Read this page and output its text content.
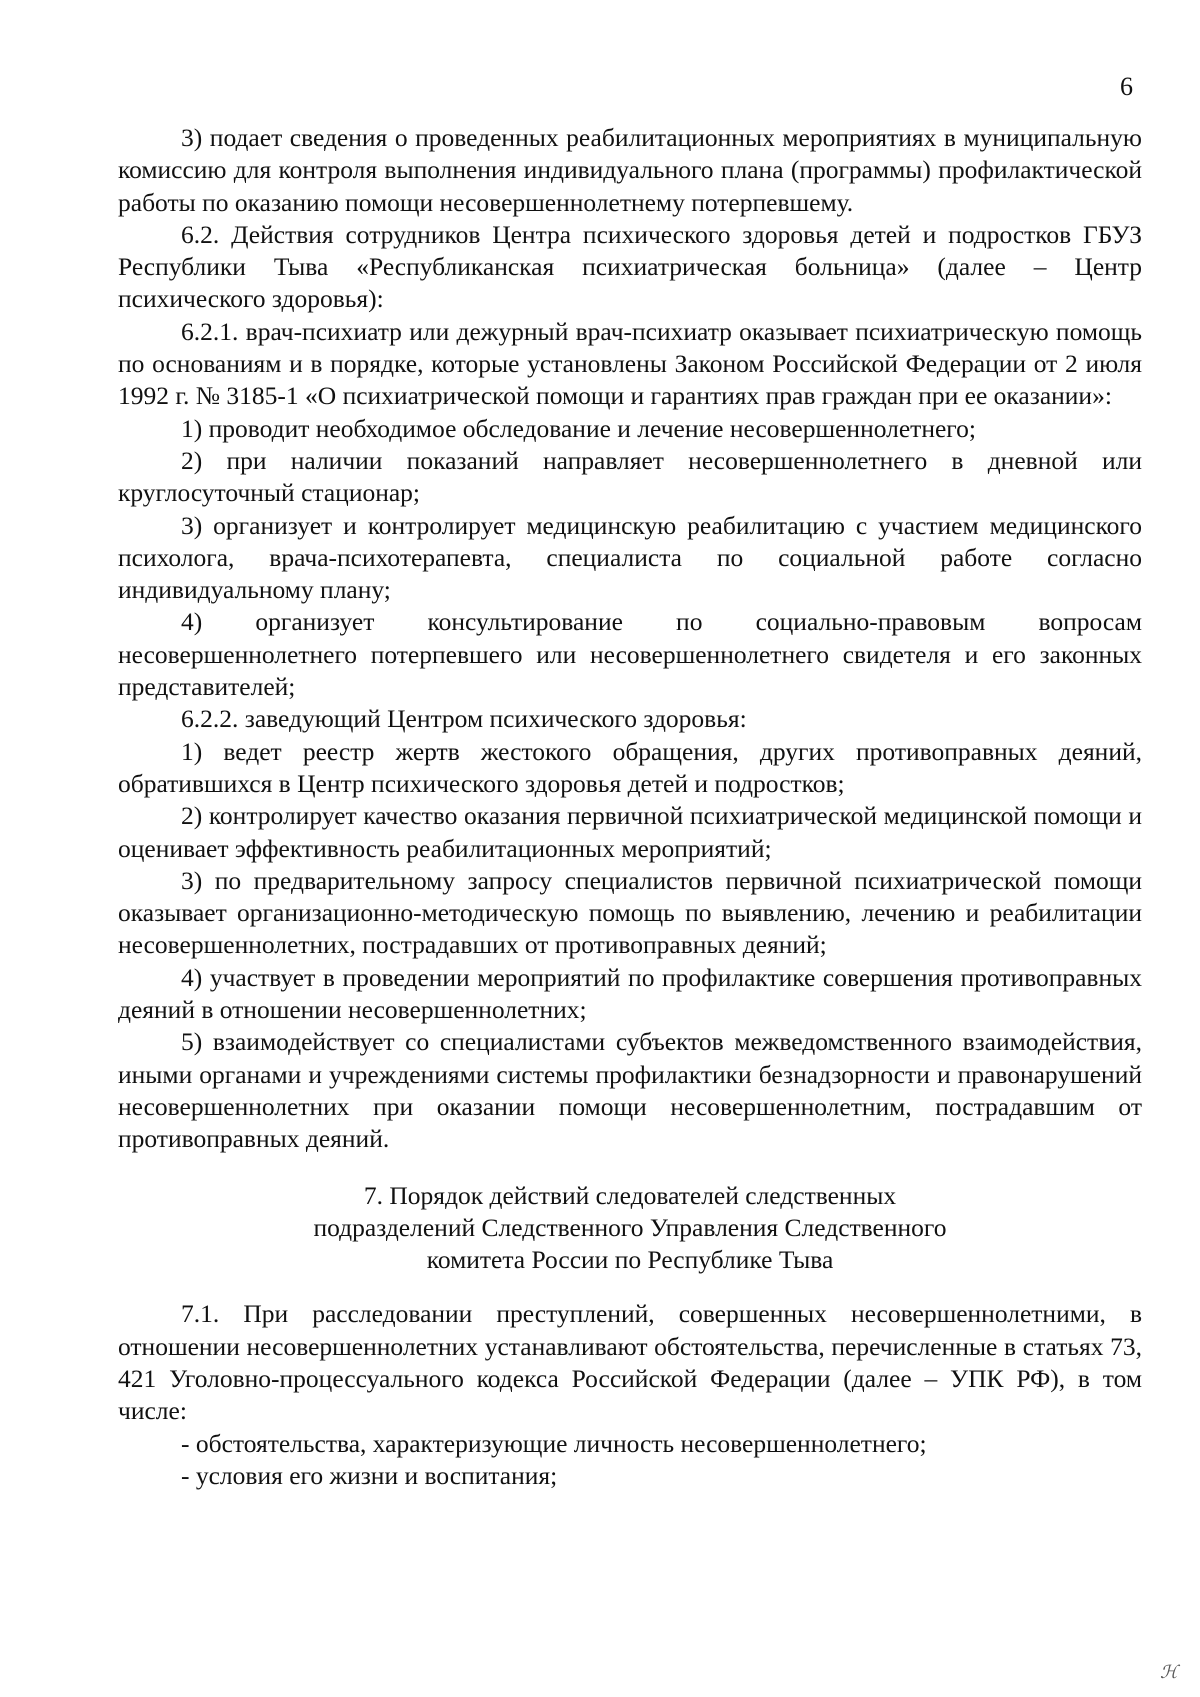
6

3) подает сведения о проведенных реабилитационных мероприятиях в муниципальную комиссию для контроля выполнения индивидуального плана (программы) профилактической работы по оказанию помощи несовершеннолетнему потерпевшему.

6.2. Действия сотрудников Центра психического здоровья детей и подростков ГБУЗ Республики Тыва «Республиканская психиатрическая больница» (далее – Центр психического здоровья):

6.2.1. врач-психиатр или дежурный врач-психиатр оказывает психиатрическую помощь по основаниям и в порядке, которые установлены Законом Российской Федерации от 2 июля 1992 г. № 3185-1 «О психиатрической помощи и гарантиях прав граждан при ее оказании»:

1) проводит необходимое обследование и лечение несовершеннолетнего;

2) при наличии показаний направляет несовершеннолетнего в дневной или круглосуточный стационар;

3) организует и контролирует медицинскую реабилитацию с участием медицинского психолога, врача-психотерапевта, специалиста по социальной работе согласно индивидуальному плану;

4) организует консультирование по социально-правовым вопросам несовершеннолетнего потерпевшего или несовершеннолетнего свидетеля и его законных представителей;

6.2.2. заведующий Центром психического здоровья:

1) ведет реестр жертв жестокого обращения, других противоправных деяний, обратившихся в Центр психического здоровья детей и подростков;

2) контролирует качество оказания первичной психиатрической медицинской помощи и оценивает эффективность реабилитационных мероприятий;

3) по предварительному запросу специалистов первичной психиатрической помощи оказывает организационно-методическую помощь по выявлению, лечению и реабилитации несовершеннолетних, пострадавших от противоправных деяний;

4) участвует в проведении мероприятий по профилактике совершения противоправных деяний в отношении несовершеннолетних;

5) взаимодействует со специалистами субъектов межведомственного взаимодействия, иными органами и учреждениями системы профилактики безнадзорности и правонарушений несовершеннолетних при оказании помощи несовершеннолетним, пострадавшим от противоправных деяний.

7. Порядок действий следователей следственных
подразделений Следственного Управления Следственного
комитета России по Республике Тыва

7.1. При расследовании преступлений, совершенных несовершеннолетними, в отношении несовершеннолетних устанавливают обстоятельства, перечисленные в статьях 73, 421 Уголовно-процессуального кодекса Российской Федерации (далее – УПК РФ), в том числе:

- обстоятельства, характеризующие личность несовершеннолетнего;

- условия его жизни и воспитания;

ℋ
